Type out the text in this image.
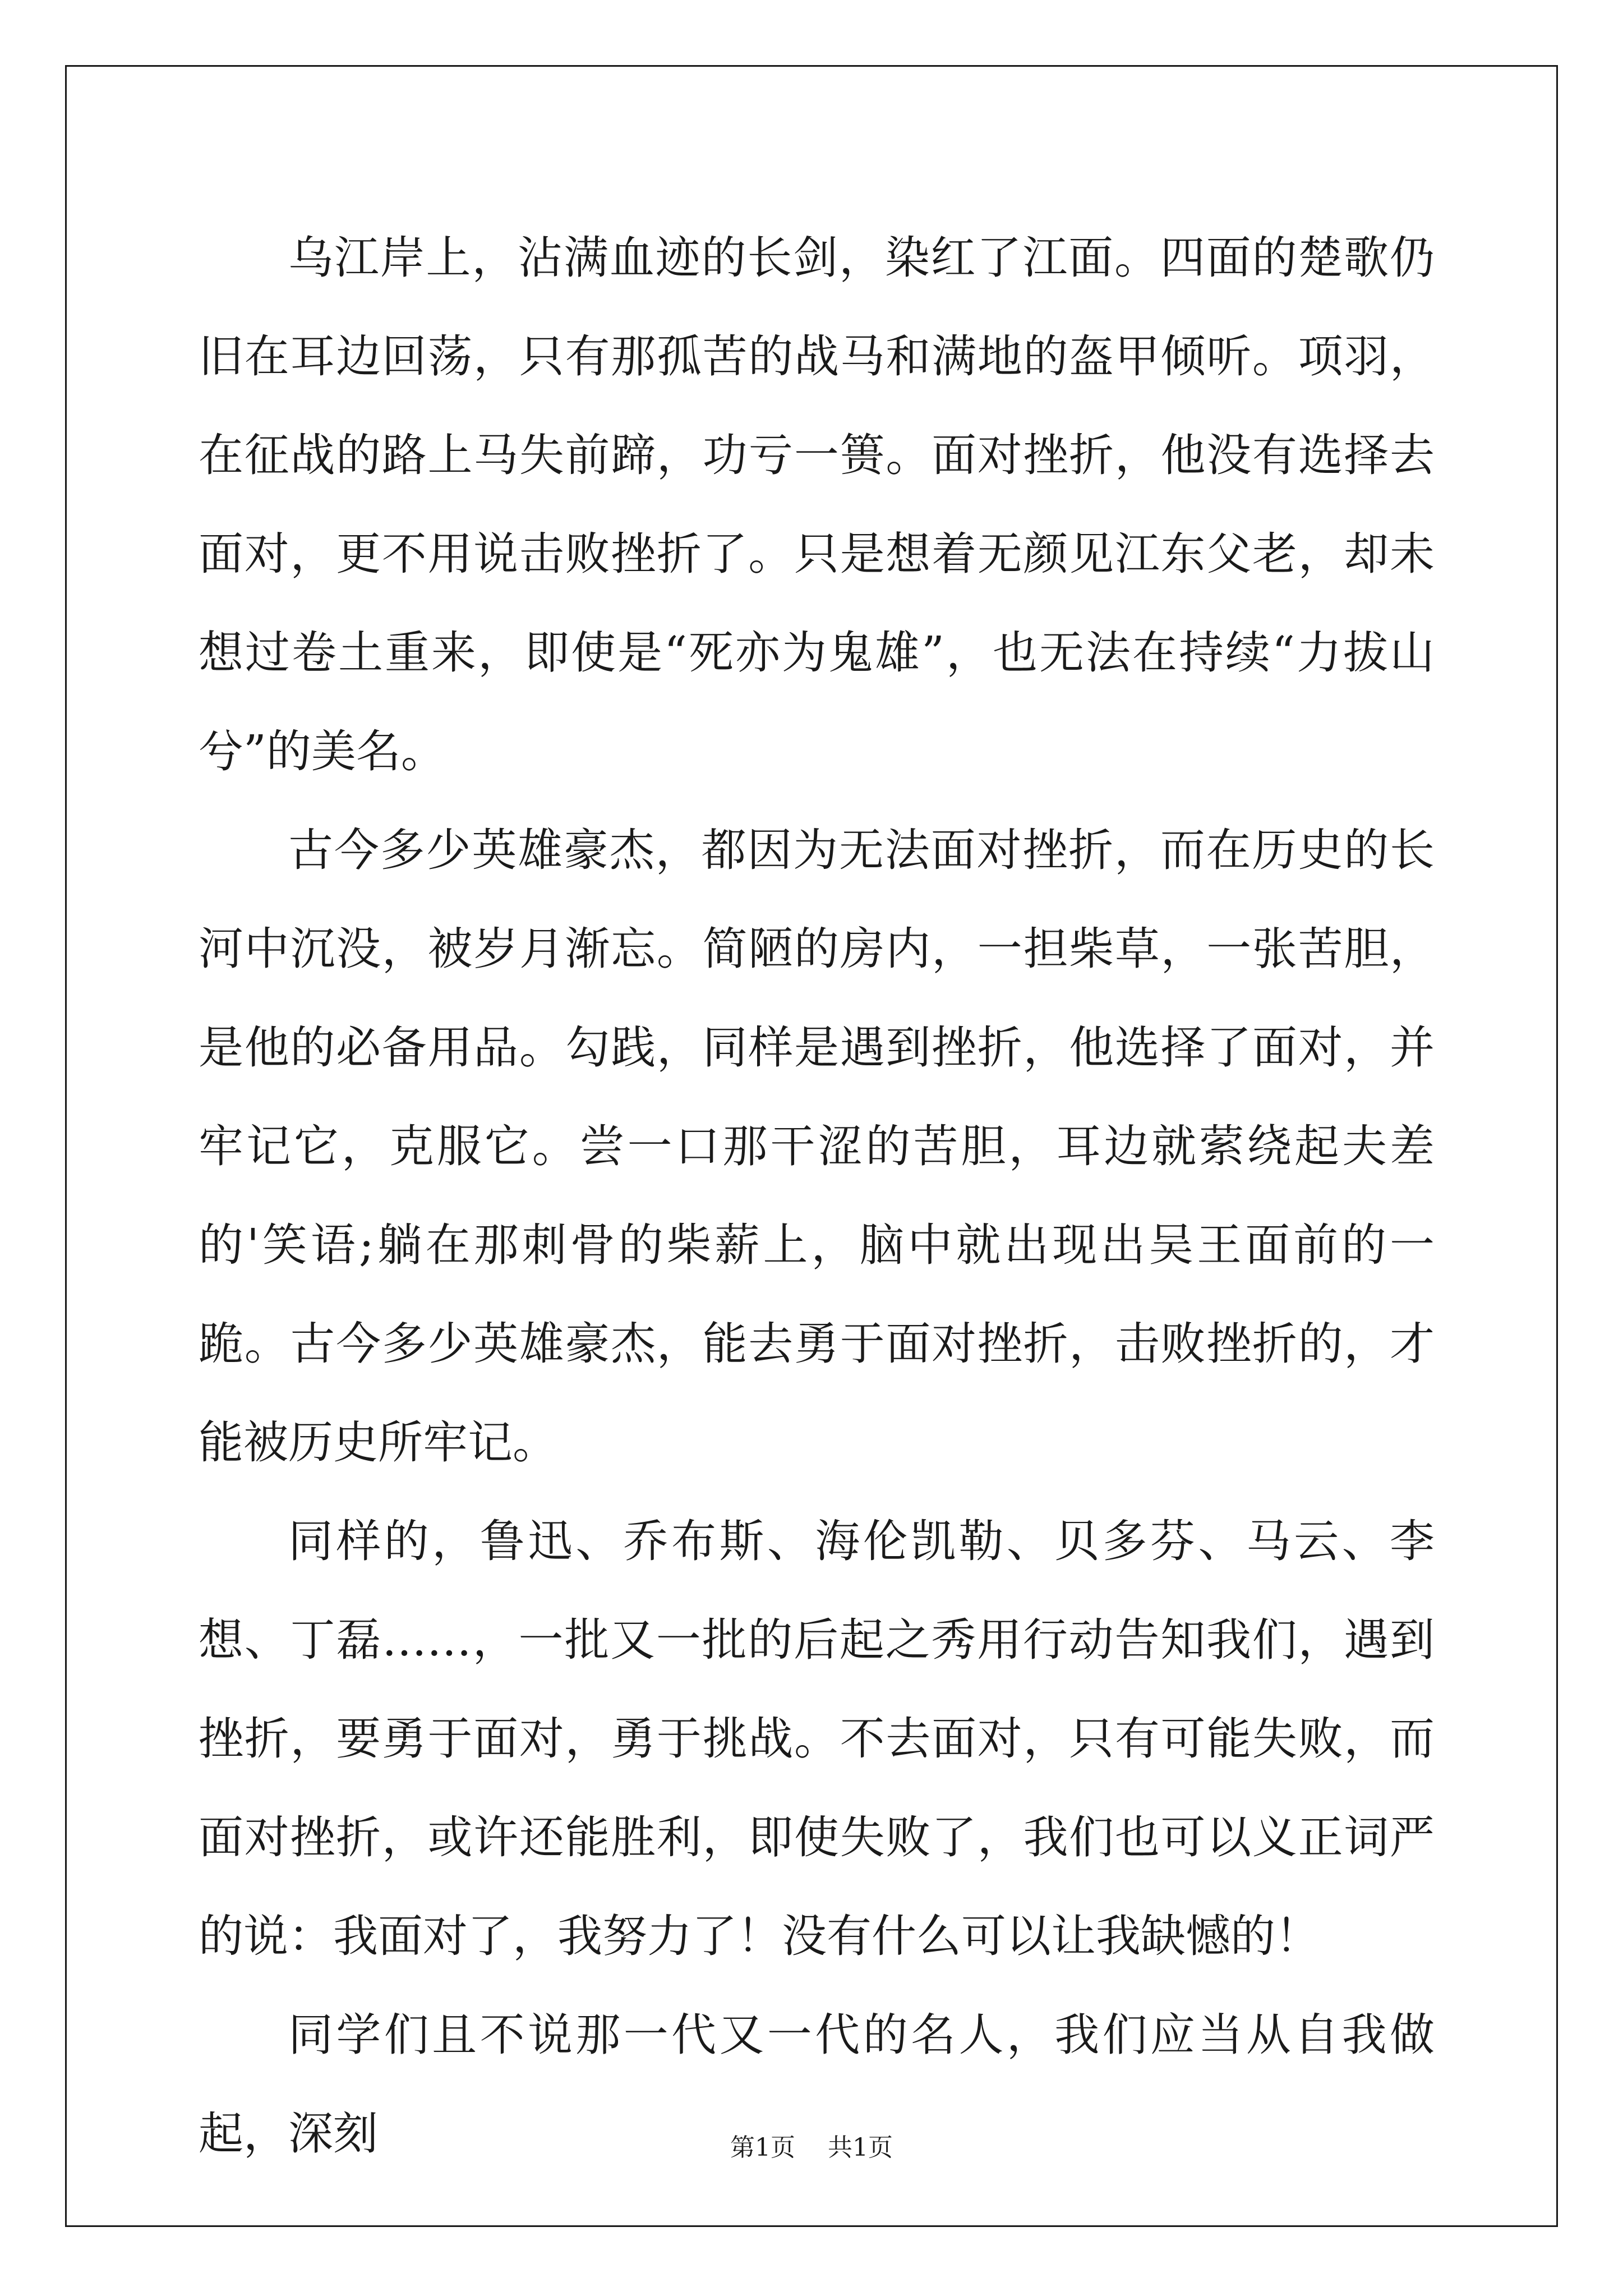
乌江岸上，沾满血迹的长剑，染红了江面。四面的楚歌仍旧在耳边回荡，只有那孤苦的战马和满地的盔甲倾听。项羽，在征战的路上马失前蹄，功亏一篑。面对挫折，他没有选择去面对，更不用说击败挫折了。只是想着无颜见江东父老，却未想过卷土重来，即使是“死亦为鬼雄”，也无法在持续“力拔山兮”的美名。

古今多少英雄豪杰，都因为无法面对挫折，而在历史的长河中沉没，被岁月渐忘。简陋的房内，一担柴草，一张苦胆，是他的必备用品。勾践，同样是遇到挫折，他选择了面对，并牢记它，克服它。尝一口那干涩的苦胆，耳边就萦绕起夫差的'笑语;躺在那刺骨的柴薪上，脑中就出现出吴王面前的一跪。古今多少英雄豪杰，能去勇于面对挫折，击败挫折的，才能被历史所牢记。

同样的，鲁迅、乔布斯、海伦凯勒、贝多芬、马云、李想、丁磊……，一批又一批的后起之秀用行动告知我们，遇到挫折，要勇于面对，勇于挑战。不去面对，只有可能失败，而面对挫折，或许还能胜利，即使失败了，我们也可以义正词严的说：我面对了，我努力了！没有什么可以让我缺憾的！

同学们且不说那一代又一代的名人，我们应当从自我做起，深刻	第1页 共1页
